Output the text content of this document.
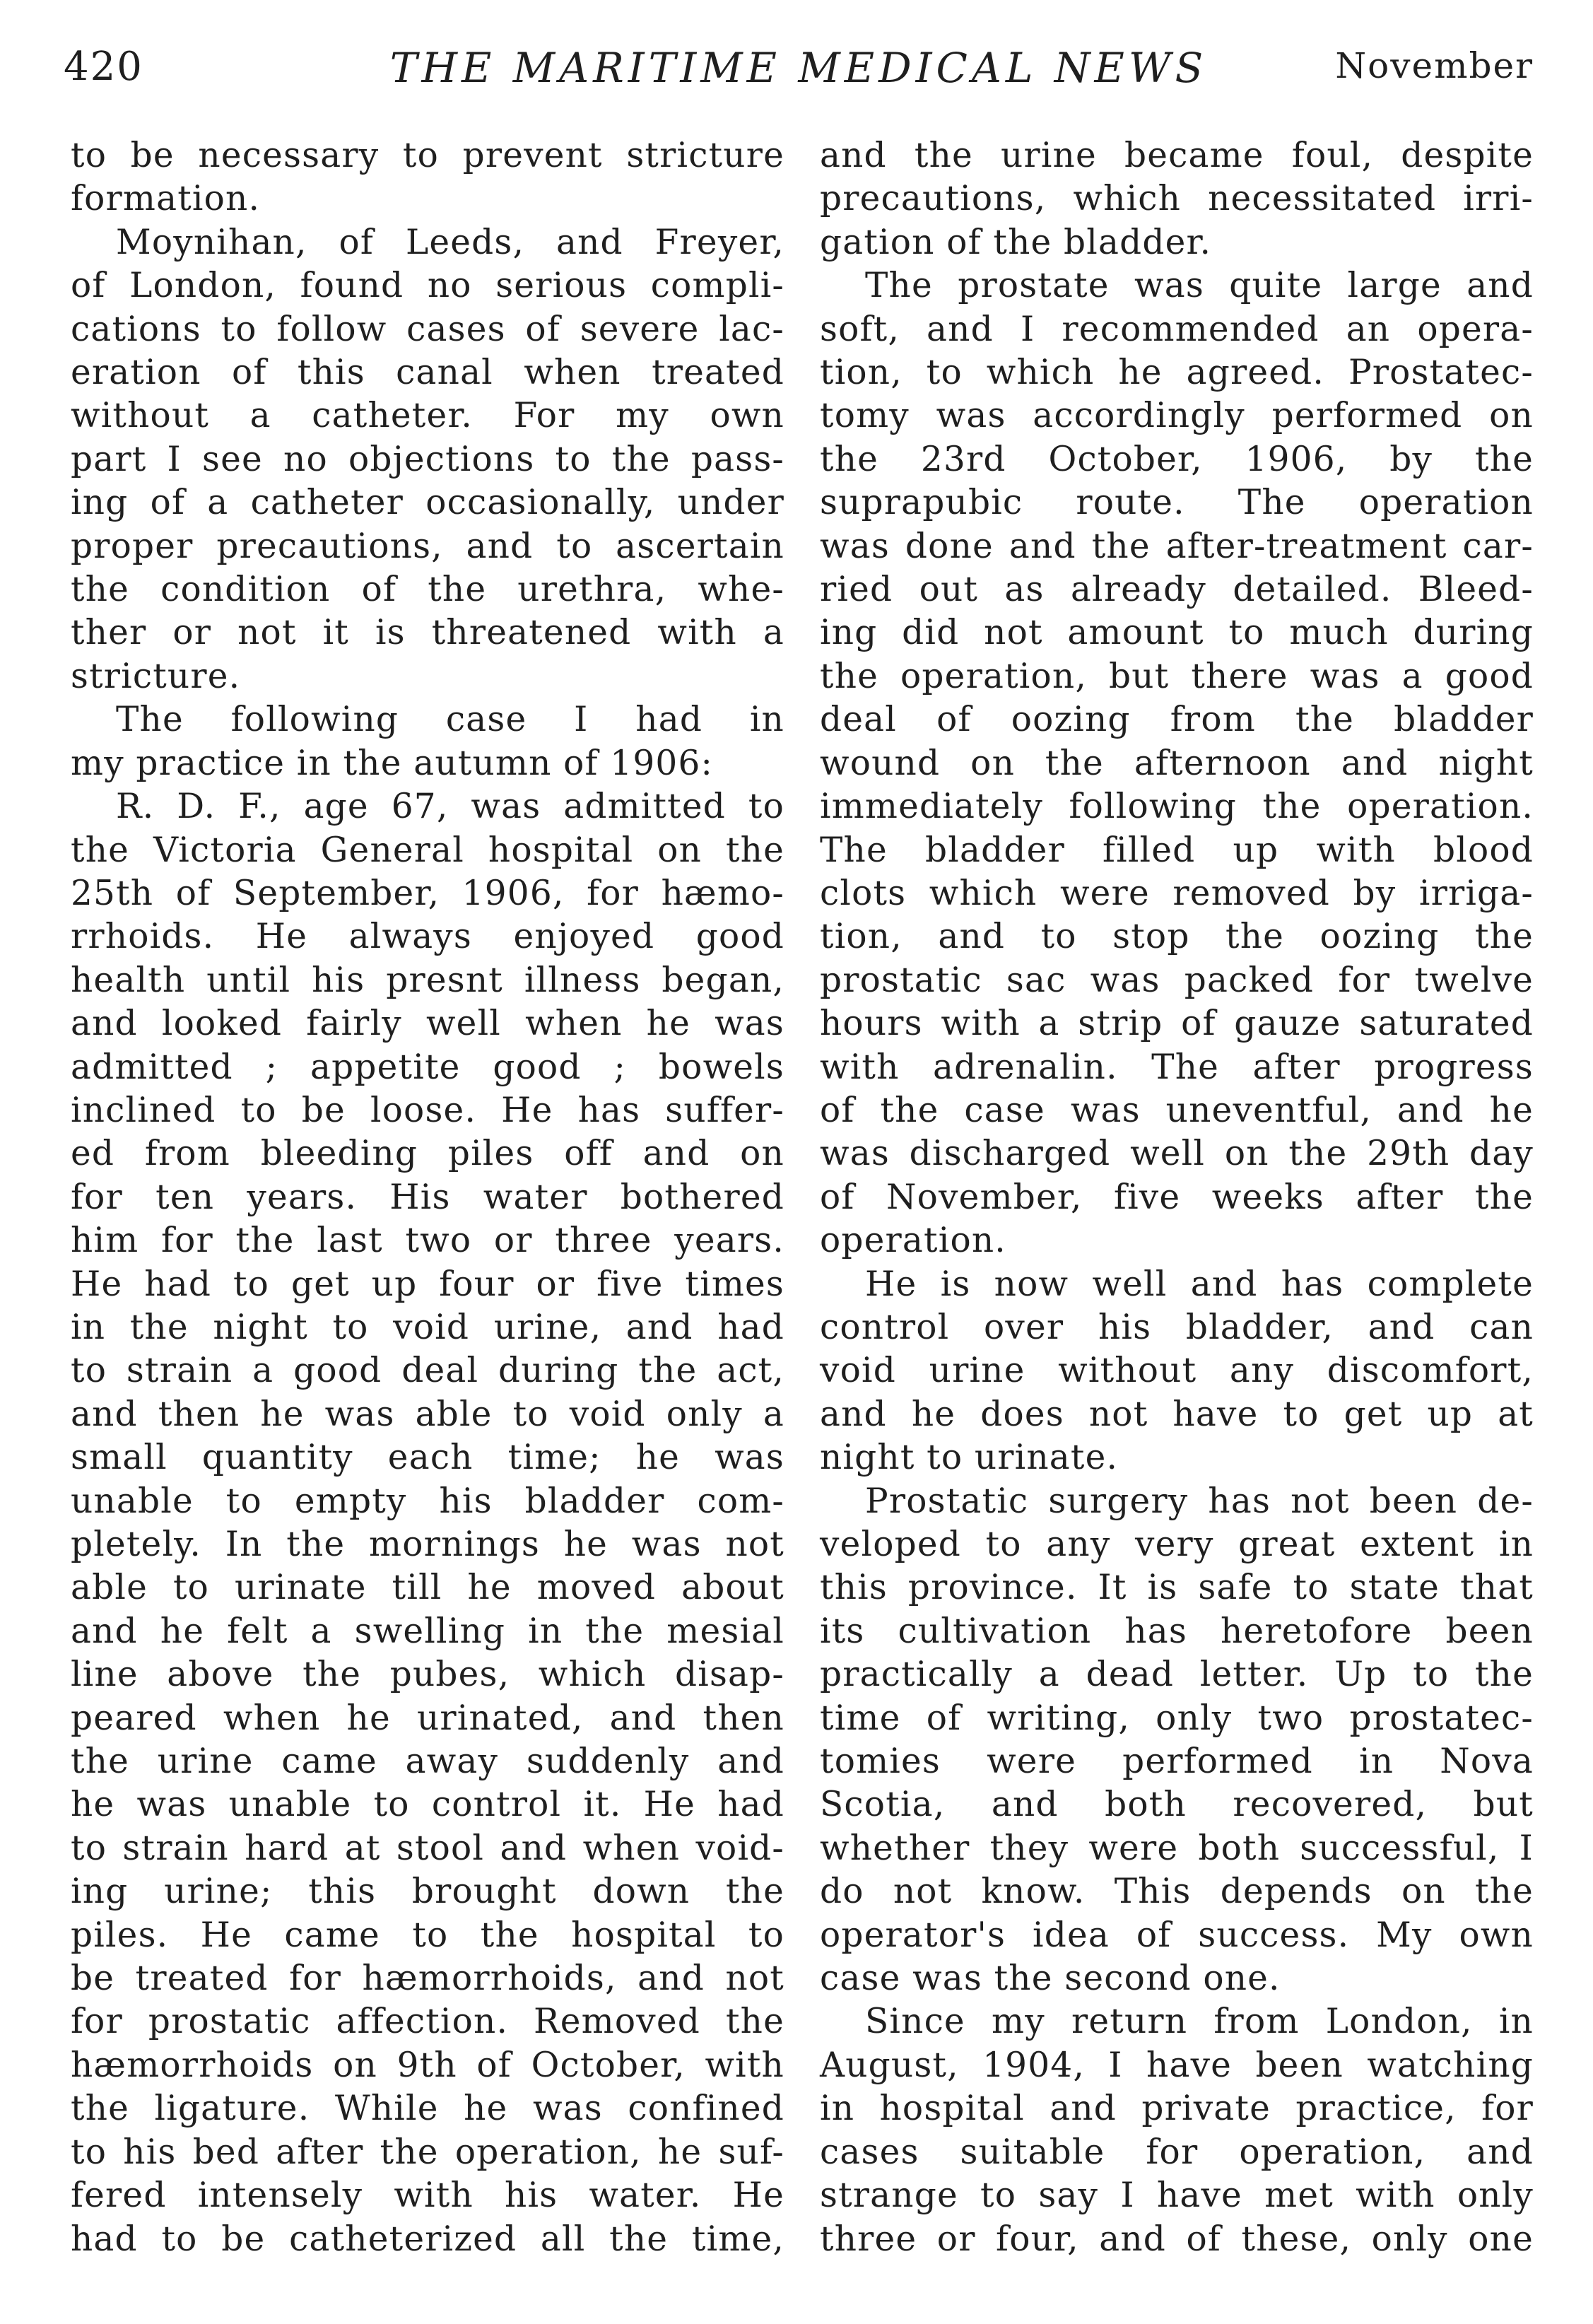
420	THE MARITIME MEDICAL NEWS	November

to be necessary to prevent stricture

formation.

Moynihan, of Leeds, and Freyer,

of London, found no serious compli-

cations to follow cases of severe lac-

eration of this canal when treated

without a catheter. For my own

part I see no objections to the pass-

ing of a catheter occasionally, under

proper precautions, and to ascertain

the condition of the urethra, whe-

ther or not it is threatened with a

stricture.

The following case I had in

my practice in the autumn of 1906:

R. D. F., age 67, was admitted to

the Victoria General hospital on the

25th of September, 1906, for hæmo-

rrhoids. He always enjoyed good

health until his presnt illness began,

and looked fairly well when he was

admitted ; appetite good ; bowels

inclined to be loose. He has suffer-

ed from bleeding piles off and on

for ten years. His water bothered

him for the last two or three years.

He had to get up four or five times

in the night to void urine, and had

to strain a good deal during the act,

and then he was able to void only a

small quantity each time; he was

unable to empty his bladder com-

pletely. In the mornings he was not

able to urinate till he moved about

and he felt a swelling in the mesial

line above the pubes, which disap-

peared when he urinated, and then

the urine came away suddenly and

he was unable to control it. He had

to strain hard at stool and when void-

ing urine; this brought down the

piles. He came to the hospital to

be treated for hæmorrhoids, and not

for prostatic affection. Removed the

hæmorrhoids on 9th of October, with

the ligature. While he was confined

to his bed after the operation, he suf-

fered intensely with his water. He

had to be catheterized all the time,

and the urine became foul, despite

precautions, which necessitated irri-

gation of the bladder.

The prostate was quite large and

soft, and I recommended an opera-

tion, to which he agreed. Prostatec-

tomy was accordingly performed on

the 23rd October, 1906, by the

suprapubic route. The operation

was done and the after-treatment car-

ried out as already detailed. Bleed-

ing did not amount to much during

the operation, but there was a good

deal of oozing from the bladder

wound on the afternoon and night

immediately following the operation.

The bladder filled up with blood

clots which were removed by irriga-

tion, and to stop the oozing the

prostatic sac was packed for twelve

hours with a strip of gauze saturated

with adrenalin. The after progress

of the case was uneventful, and he

was discharged well on the 29th day

of November, five weeks after the

operation.

He is now well and has complete

control over his bladder, and can

void urine without any discomfort,

and he does not have to get up at

night to urinate.

Prostatic surgery has not been de-

veloped to any very great extent in

this province. It is safe to state that

its cultivation has heretofore been

practically a dead letter. Up to the

time of writing, only two prostatec-

tomies were performed in Nova

Scotia, and both recovered, but

whether they were both successful, I

do not know. This depends on the

operator's idea of success. My own

case was the second one.

Since my return from London, in

August, 1904, I have been watching

in hospital and private practice, for

cases suitable for operation, and

strange to say I have met with only

three or four, and of these, only one
